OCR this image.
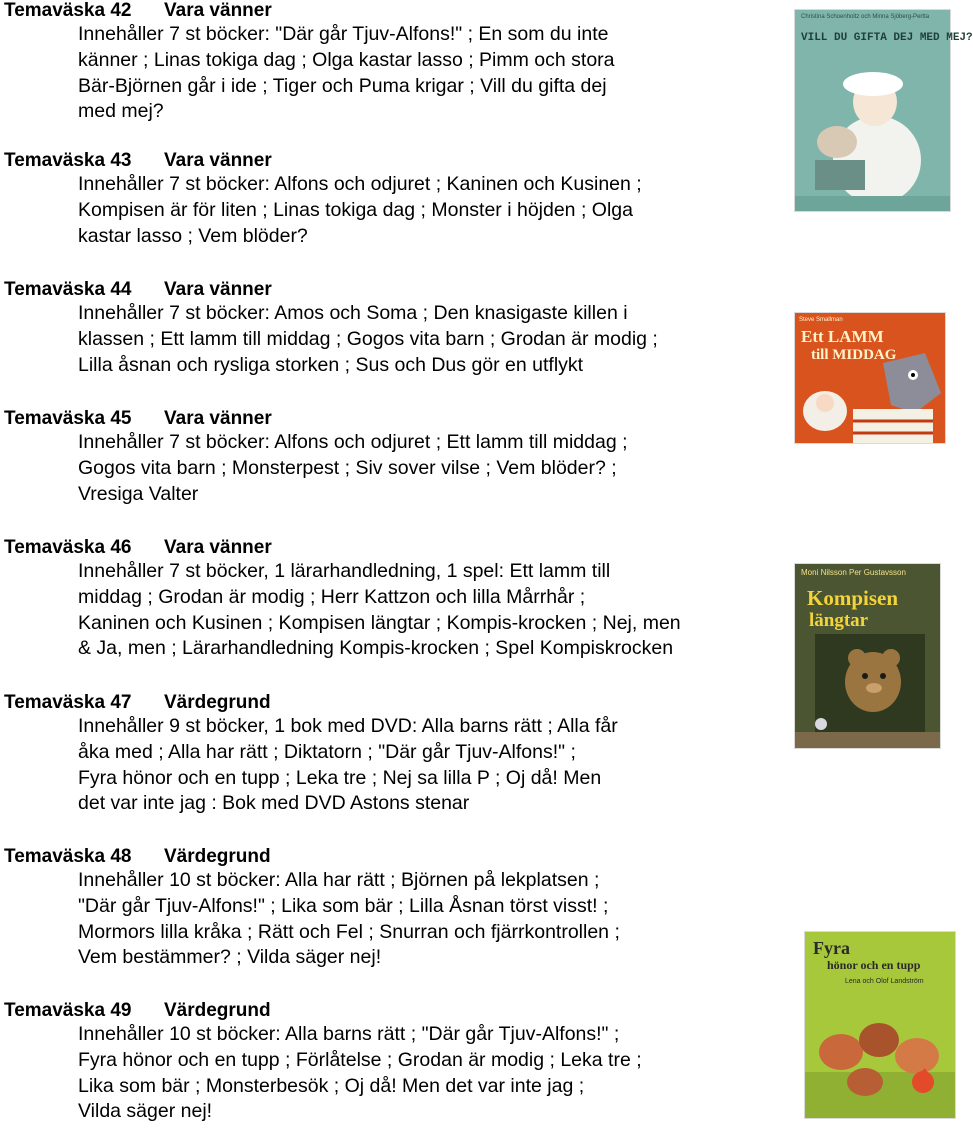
Temaväska 42 Vara vänner
Innehåller 7 st böcker: "Där går Tjuv-Alfons!" ; En som du inte
känner ; Linas tokiga dag ; Olga kastar lasso ; Pimm och stora
Bär-Björnen går i ide ; Tiger och Puma krigar ; Vill du gifta dej
med mej?
Temaväska 43 Vara vänner
Innehåller 7 st böcker: Alfons och odjuret ; Kaninen och Kusinen ;
Kompisen är för liten ; Linas tokiga dag ; Monster i höjden ; Olga
kastar lasso ; Vem blöder?
Temaväska 44 Vara vänner
Innehåller 7 st böcker: Amos och Soma ; Den knasigaste killen i
klassen ; Ett lamm till middag ; Gogos vita barn ; Grodan är modig ;
Lilla åsnan och rysliga storken ; Sus och Dus gör en utflykt
Temaväska 45 Vara vänner
Innehåller 7 st böcker: Alfons och odjuret ; Ett lamm till middag ;
Gogos vita barn ; Monsterpest ; Siv sover vilse ; Vem blöder? ;
Vresiga Valter
Temaväska 46 Vara vänner
Innehåller 7 st böcker, 1 lärarhandledning, 1 spel: Ett lamm till
middag ; Grodan är modig ; Herr Kattzon och lilla Mårrhår ;
Kaninen och Kusinen ; Kompisen längtar ; Kompis-krocken ; Nej, men
& Ja, men ; Lärarhandledning Kompis-krocken ; Spel Kompiskrocken
Temaväska 47 Värdegrund
Innehåller 9 st böcker, 1 bok med DVD: Alla barns rätt ; Alla får
åka med ; Alla har rätt ; Diktatorn ; "Där går Tjuv-Alfons!" ;
Fyra hönor och en tupp ; Leka tre ; Nej sa lilla P ; Oj då! Men
det var inte jag : Bok med DVD Astons stenar
Temaväska 48 Värdegrund
Innehåller 10 st böcker: Alla har rätt ; Björnen på lekplatsen ;
"Där går Tjuv-Alfons!" ; Lika som bär ; Lilla Åsnan törst visst! ;
Mormors lilla kråka ; Rätt och Fel ; Snurran och fjärrkontrollen ;
Vem bestämmer? ; Vilda säger nej!
Temaväska 49 Värdegrund
Innehåller 10 st böcker: Alla barns rätt ; "Där går Tjuv-Alfons!" ;
Fyra hönor och en tupp ; Förlåtelse ; Grodan är modig ; Leka tre ;
Lika som bär ; Monsterbesök ; Oj då! Men det var inte jag ;
Vilda säger nej!
Christina Schoenholtz och Minna Sjöberg-Pertta
VILL DU GIFTA DEJ MED MEJ?
Steve Smallman
Ett LAMM
till MIDDAG
Moni Nilsson Per Gustavsson
Kompisen
längtar
Fyra
hönor och en tupp
Lena och Olof Landström
